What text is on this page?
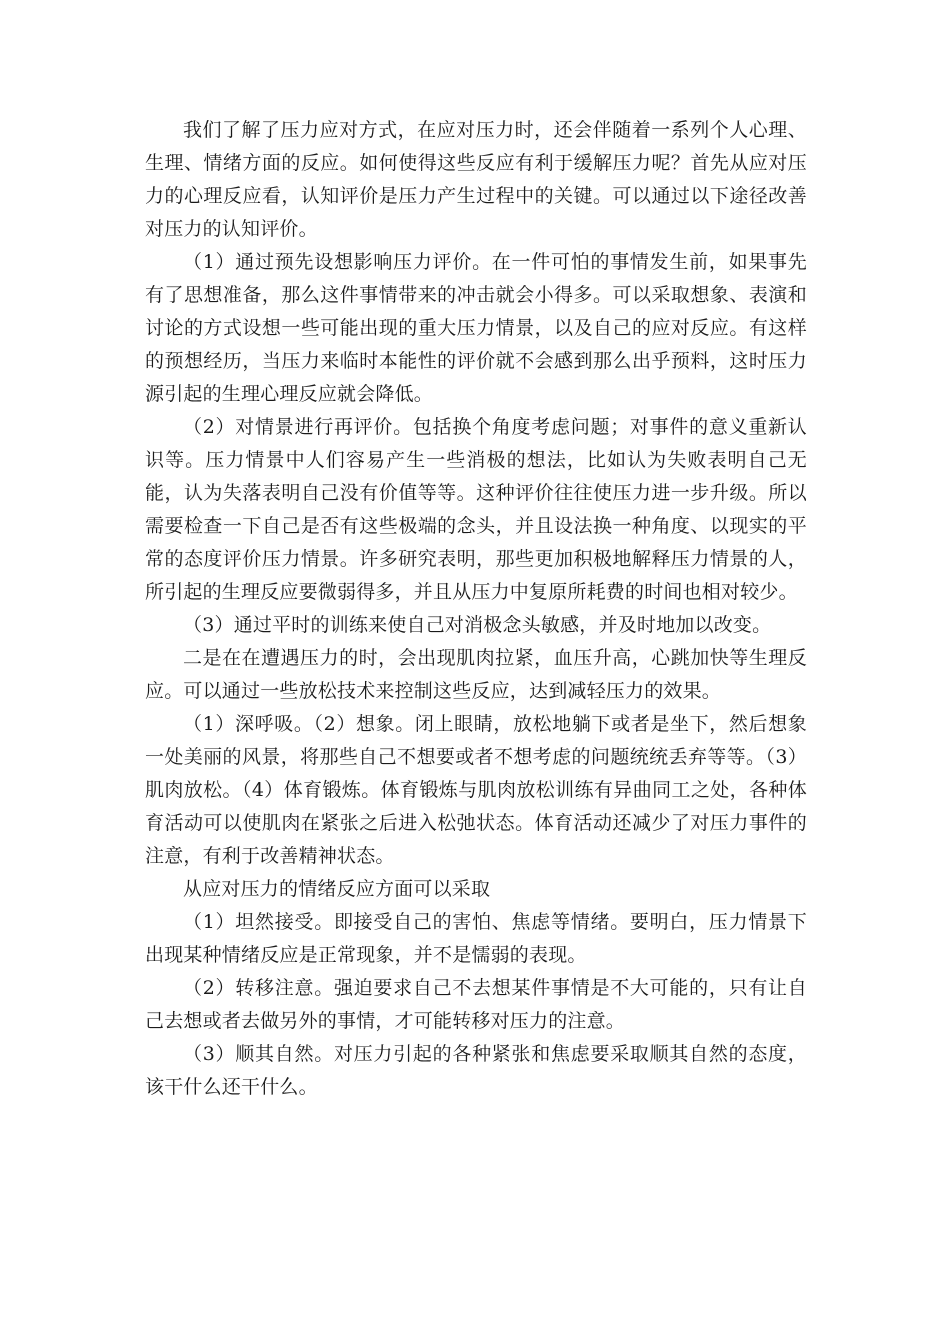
我们了解了压力应对方式，在应对压力时，还会伴随着一系列个人心理、生理、情绪方面的反应。如何使得这些反应有利于缓解压力呢？首先从应对压力的心理反应看，认知评价是压力产生过程中的关键。可以通过以下途径改善对压力的认知评价。

（1）通过预先设想影响压力评价。在一件可怕的事情发生前，如果事先有了思想准备，那么这件事情带来的冲击就会小得多。可以采取想象、表演和讨论的方式设想一些可能出现的重大压力情景，以及自己的应对反应。有这样的预想经历，当压力来临时本能性的评价就不会感到那么出乎预料，这时压力源引起的生理心理反应就会降低。

（2）对情景进行再评价。包括换个角度考虑问题；对事件的意义重新认识等。压力情景中人们容易产生一些消极的想法，比如认为失败表明自己无能，认为失落表明自己没有价值等等。这种评价往往使压力进一步升级。所以需要检查一下自己是否有这些极端的念头，并且设法换一种角度、以现实的平常的态度评价压力情景。许多研究表明，那些更加积极地解释压力情景的人，所引起的生理反应要微弱得多，并且从压力中复原所耗费的时间也相对较少。

（3）通过平时的训练来使自己对消极念头敏感，并及时地加以改变。

二是在在遭遇压力的时，会出现肌肉拉紧，血压升高，心跳加快等生理反应。可以通过一些放松技术来控制这些反应，达到减轻压力的效果。

（1）深呼吸。（2）想象。闭上眼睛，放松地躺下或者是坐下，然后想象一处美丽的风景，将那些自己不想要或者不想考虑的问题统统丢弃等等。（3）肌肉放松。（4）体育锻炼。体育锻炼与肌肉放松训练有异曲同工之处，各种体育活动可以使肌肉在紧张之后进入松弛状态。体育活动还减少了对压力事件的注意，有利于改善精神状态。

从应对压力的情绪反应方面可以采取

（1）坦然接受。即接受自己的害怕、焦虑等情绪。要明白，压力情景下出现某种情绪反应是正常现象，并不是懦弱的表现。

（2）转移注意。强迫要求自己不去想某件事情是不大可能的，只有让自己去想或者去做另外的事情，才可能转移对压力的注意。

（3）顺其自然。对压力引起的各种紧张和焦虑要采取顺其自然的态度，该干什么还干什么。
